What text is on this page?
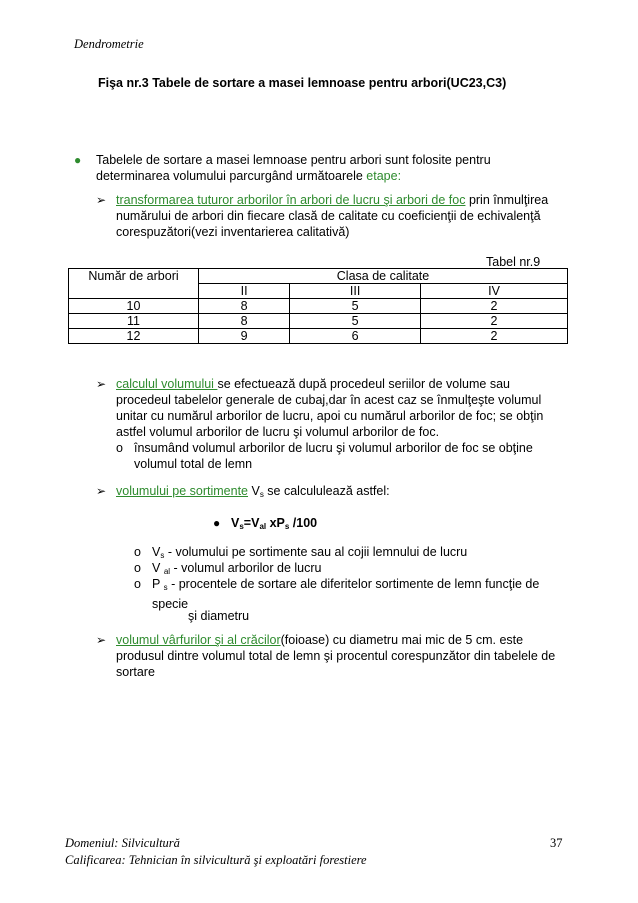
Dendrometrie
Fişa nr.3 Tabele de sortare a masei lemnoase pentru arbori(UC23,C3)
● Tabelele de sortare a masei lemnoase pentru arbori sunt folosite pentru determinarea volumului parcurgând următoarele etape:
➢ transformarea tuturor arborilor în arbori de lucru şi arbori de foc prin înmulţirea numărului de arbori din fiecare clasă de calitate cu coeficienţii de echivalenţă corespuzători(vezi inventarierea calitativă)
Tabel nr.9
Număr de arbori	Clasa de calitate		
	II	III	IV
10	8	5	2
11	8	5	2
12	9	6	2
➢ calculul volumului se efectuează după procedeul seriilor de volume sau procedeul tabelelor generale de cubaj,dar în acest caz se înmulţeşte volumul unitar cu numărul arborilor de lucru, apoi cu numărul arborilor de foc; se obţin astfel volumul arborilor de lucru şi volumul arborilor de foc.
o însumând volumul arborilor de lucru şi volumul arborilor de foc se obţine volumul total de lemn
➢ volumului pe sortimente Vs se calcululează astfel:
● Vs=Val xPs /100
o Vs - volumului pe sortimente sau al cojii lemnului de lucru
o V al - volumul arborilor de lucru
o P s - procentele de sortare ale diferitelor sortimente de lemn funcţie de specie
şi diametru
➢ volumul vârfurilor şi al crăcilor(foioase) cu diametru mai mic de 5 cm. este produsul dintre volumul total de lemn şi procentul corespunzător din tabelele de sortare
Domeniul: Silvicultură	37
Calificarea: Tehnician în silvicultură şi exploatări forestiere
